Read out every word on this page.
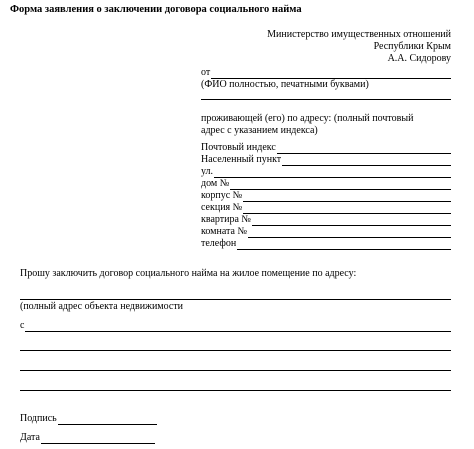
Форма заявления о заключении договора социального найма
Министерство имущественных отношений
Республики Крым
А.А. Сидорову
от
(ФИО полностью, печатными буквами)
проживающей (его) по адресу: (полный почтовый
адрес с указанием индекса)
Почтовый индекс
Населенный пункт
ул.
дом №
корпус №
секция №
квартира №
комната №
телефон
Прошу заключить договор социального найма на жилое помещение по адресу:
(полный адрес объекта недвижимости
с
Подпись
Дата
